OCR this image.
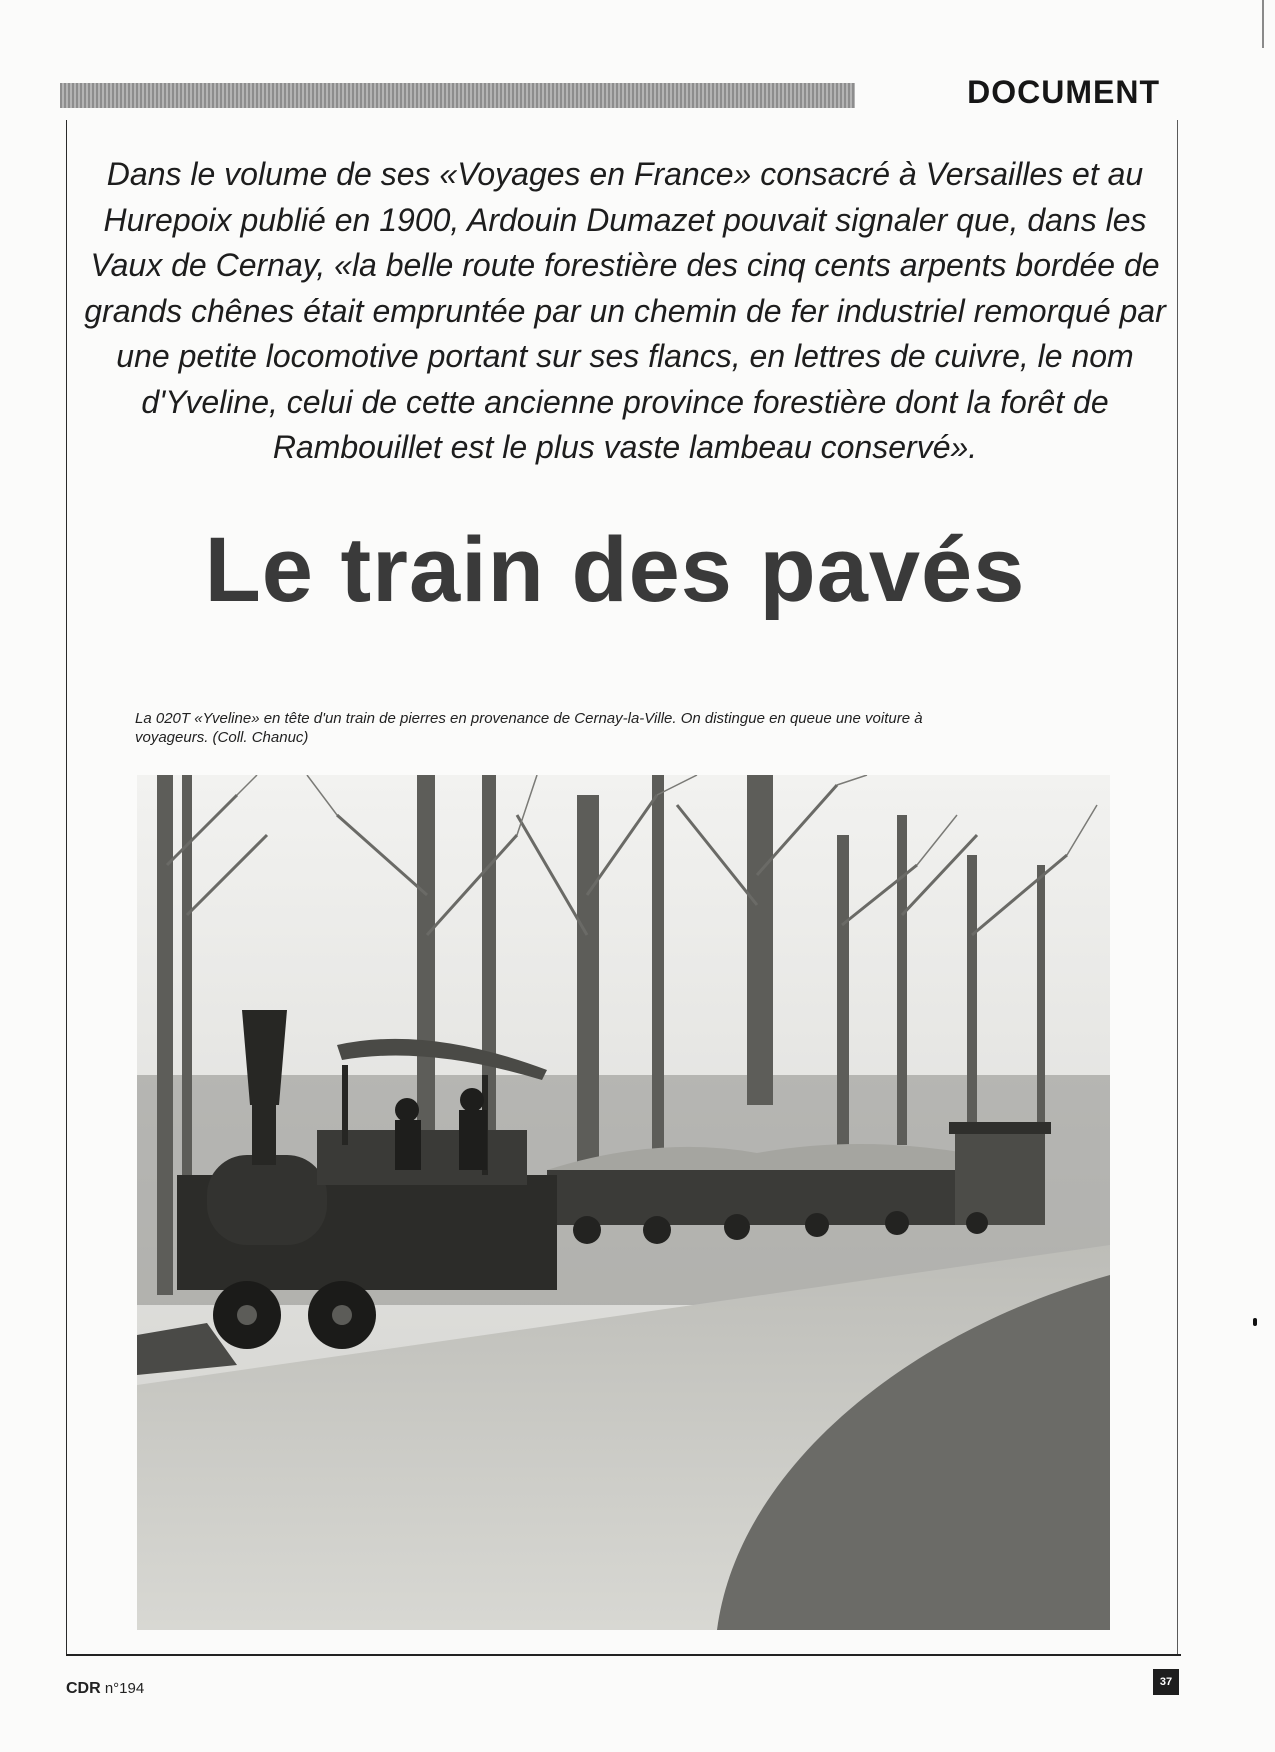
DOCUMENT

Dans le volume de ses «Voyages en France» consacré à Versailles et au
Hurepoix publié en 1900, Ardouin Dumazet pouvait signaler que, dans les
Vaux de Cernay, «la belle route forestière des cinq cents arpents bordée de
grands chênes était empruntée par un chemin de fer industriel remorqué par
une petite locomotive portant sur ses flancs, en lettres de cuivre, le nom
d'Yveline, celui de cette ancienne province forestière dont la forêt de
Rambouillet est le plus vaste lambeau conservé».

Le train des pavés

La 020T «Yveline» en tête d'un train de pierres en provenance de Cernay-la-Ville. On distingue en queue une voiture à
voyageurs. (Coll. Chanuc)

CDR n°194	37
